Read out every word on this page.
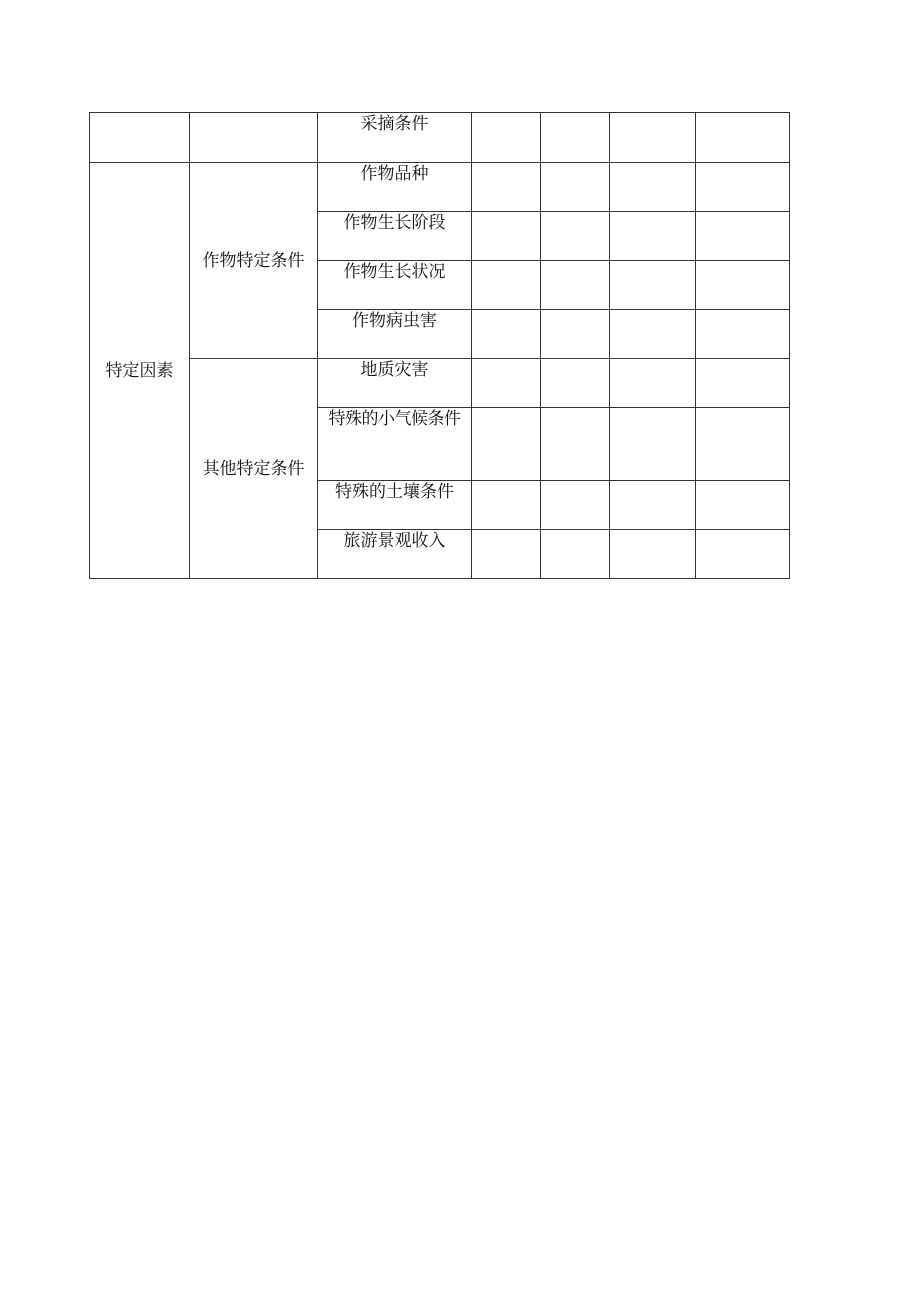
		采摘条件				
特定因素	作物特定条件	作物品种				
		作物生长阶段				
		作物生长状况				
		作物病虫害				
	其他特定条件	地质灾害				
		特殊的小气候条件				
		特殊的土壤条件				
		旅游景观收入				
